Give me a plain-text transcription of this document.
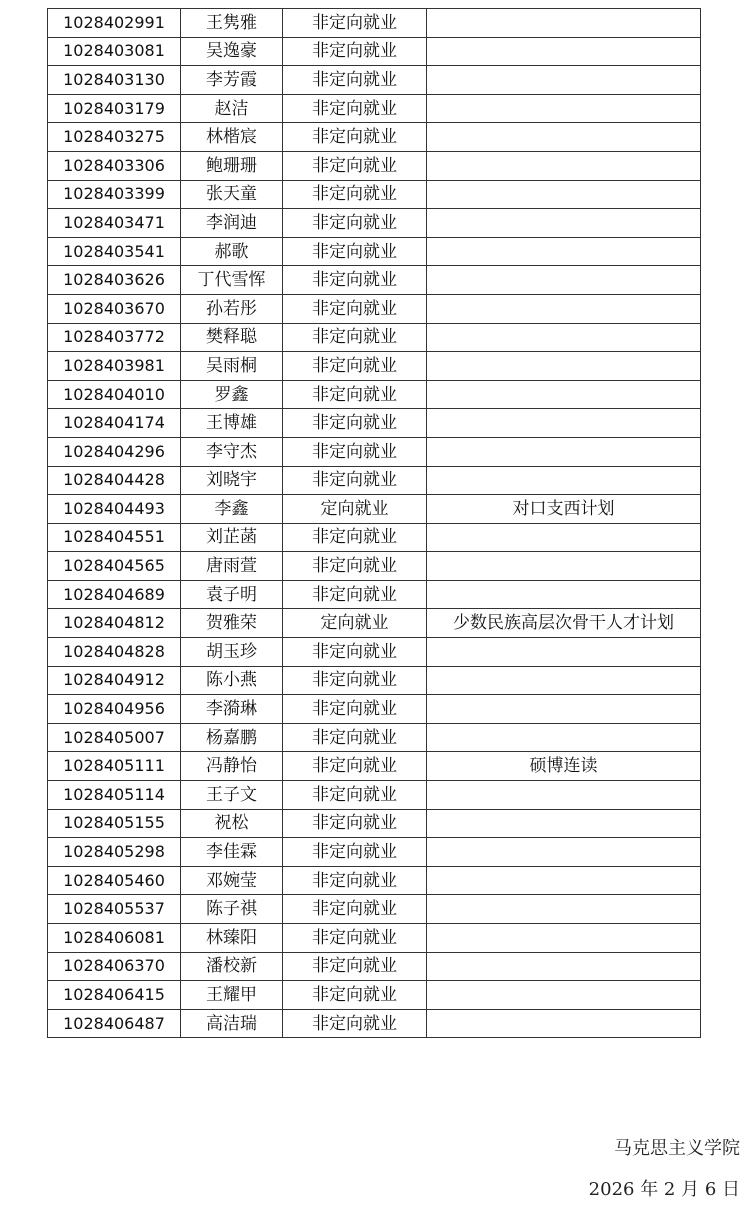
1028402991	王隽雅	非定向就业	
1028403081	吴逸豪	非定向就业	
1028403130	李芳霞	非定向就业	
1028403179	赵洁	非定向就业	
1028403275	林楷宸	非定向就业	
1028403306	鲍珊珊	非定向就业	
1028403399	张天童	非定向就业	
1028403471	李润迪	非定向就业	
1028403541	郝歌	非定向就业	
1028403626	丁代雪恽	非定向就业	
1028403670	孙若彤	非定向就业	
1028403772	樊释聪	非定向就业	
1028403981	吴雨桐	非定向就业	
1028404010	罗鑫	非定向就业	
1028404174	王博雄	非定向就业	
1028404296	李守杰	非定向就业	
1028404428	刘晓宇	非定向就业	
1028404493	李鑫	定向就业	对口支西计划
1028404551	刘芷菡	非定向就业	
1028404565	唐雨萱	非定向就业	
1028404689	袁子明	非定向就业	
1028404812	贺雅荣	定向就业	少数民族高层次骨干人才计划
1028404828	胡玉珍	非定向就业	
1028404912	陈小燕	非定向就业	
1028404956	李漪琳	非定向就业	
1028405007	杨嘉鹏	非定向就业	
1028405111	冯静怡	非定向就业	硕博连读
1028405114	王子文	非定向就业	
1028405155	祝松	非定向就业	
1028405298	李佳霖	非定向就业	
1028405460	邓婉莹	非定向就业	
1028405537	陈子祺	非定向就业	
1028406081	林臻阳	非定向就业	
1028406370	潘校新	非定向就业	
1028406415	王耀甲	非定向就业	
1028406487	高洁瑞	非定向就业	
马克思主义学院
2026 年 2 月 6 日
